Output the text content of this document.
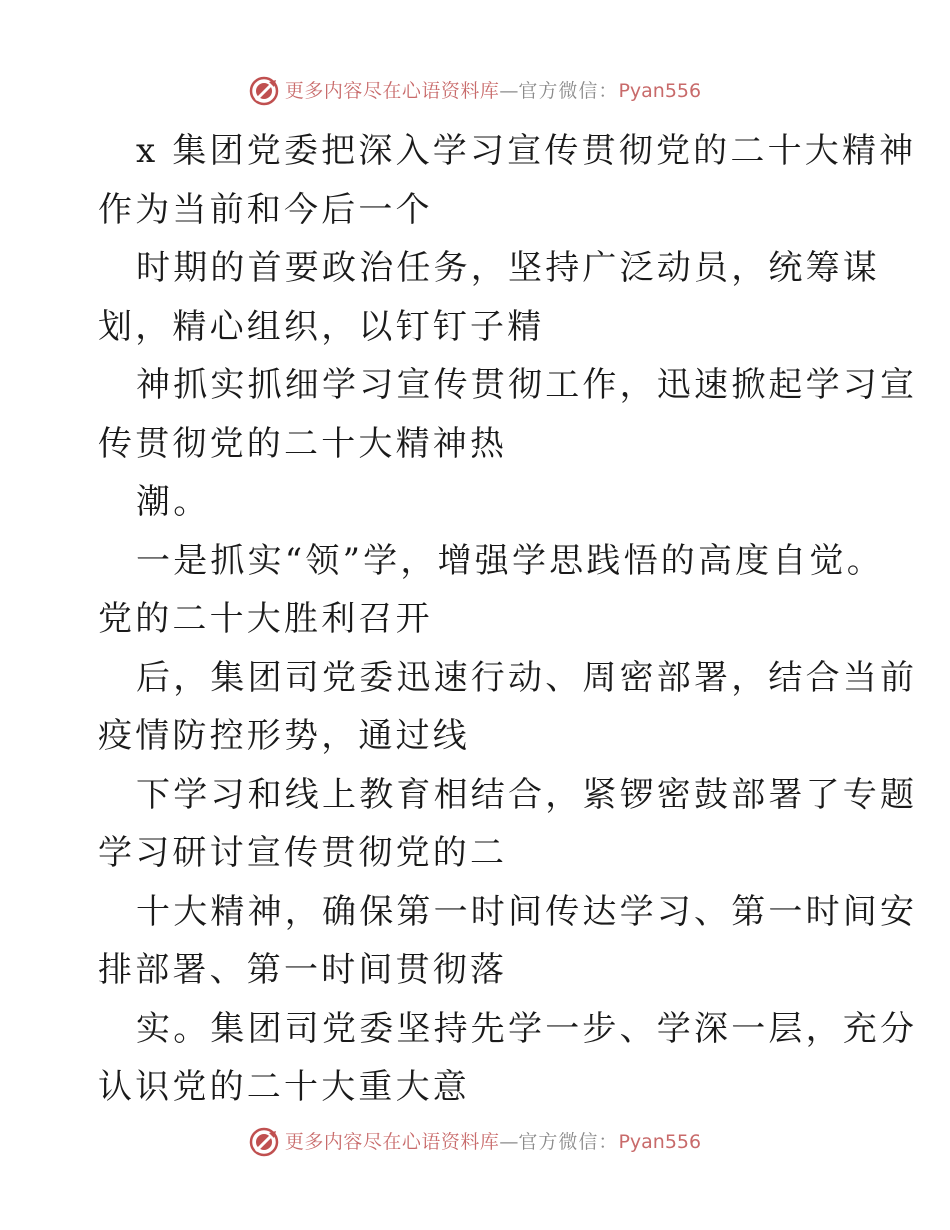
更多内容尽在心语资料库 — 官方微信： Pyan556
x 集团党委把深入学习宣传贯彻党的二十大精神
作为当前和今后一个
时期的首要政治任务，坚持广泛动员，统筹谋
划，精心组织，以钉钉子精
神抓实抓细学习宣传贯彻工作，迅速掀起学习宣
传贯彻党的二十大精神热
潮。
一是抓实“领”学，增强学思践悟的高度自觉。
党的二十大胜利召开
后，集团司党委迅速行动、周密部署，结合当前
疫情防控形势，通过线
下学习和线上教育相结合，紧锣密鼓部署了专题
学习研讨宣传贯彻党的二
十大精神，确保第一时间传达学习、第一时间安
排部署、第一时间贯彻落
实。集团司党委坚持先学一步、学深一层，充分
认识党的二十大重大意
更多内容尽在心语资料库 — 官方微信： Pyan556
